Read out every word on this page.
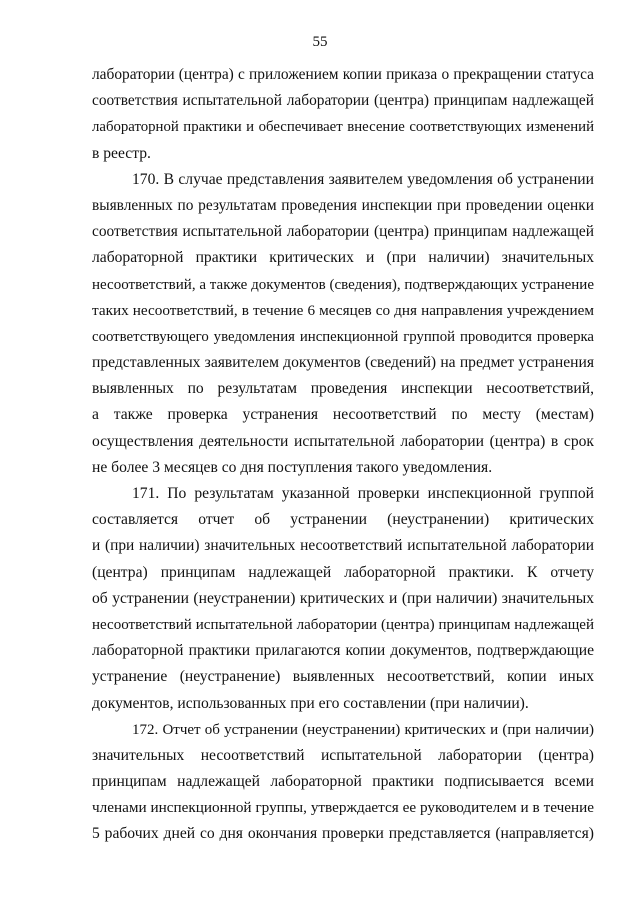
55
лаборатории (центра) с приложением копии приказа о прекращении статуса
соответствия испытательной лаборатории (центра) принципам надлежащей
лабораторной практики и обеспечивает внесение соответствующих изменений
в реестр.
170. В случае представления заявителем уведомления об устранении
выявленных по результатам проведения инспекции при проведении оценки
соответствия испытательной лаборатории (центра) принципам надлежащей
лабораторной практики критических и (при наличии) значительных
несоответствий, а также документов (сведения), подтверждающих устранение
таких несоответствий, в течение 6 месяцев со дня направления учреждением
соответствующего уведомления инспекционной группой проводится проверка
представленных заявителем документов (сведений) на предмет устранения
выявленных по результатам проведения инспекции несоответствий,
а также проверка устранения несоответствий по месту (местам)
осуществления деятельности испытательной лаборатории (центра) в срок
не более 3 месяцев со дня поступления такого уведомления.
171. По результатам указанной проверки инспекционной группой
составляется отчет об устранении (неустранении) критических
и (при наличии) значительных несоответствий испытательной лаборатории
(центра) принципам надлежащей лабораторной практики. К отчету
об устранении (неустранении) критических и (при наличии) значительных
несоответствий испытательной лаборатории (центра) принципам надлежащей
лабораторной практики прилагаются копии документов, подтверждающие
устранение (неустранение) выявленных несоответствий, копии иных
документов, использованных при его составлении (при наличии).
172. Отчет об устранении (неустранении) критических и (при наличии)
значительных несоответствий испытательной лаборатории (центра)
принципам надлежащей лабораторной практики подписывается всеми
членами инспекционной группы, утверждается ее руководителем и в течение
5 рабочих дней со дня окончания проверки представляется (направляется)
